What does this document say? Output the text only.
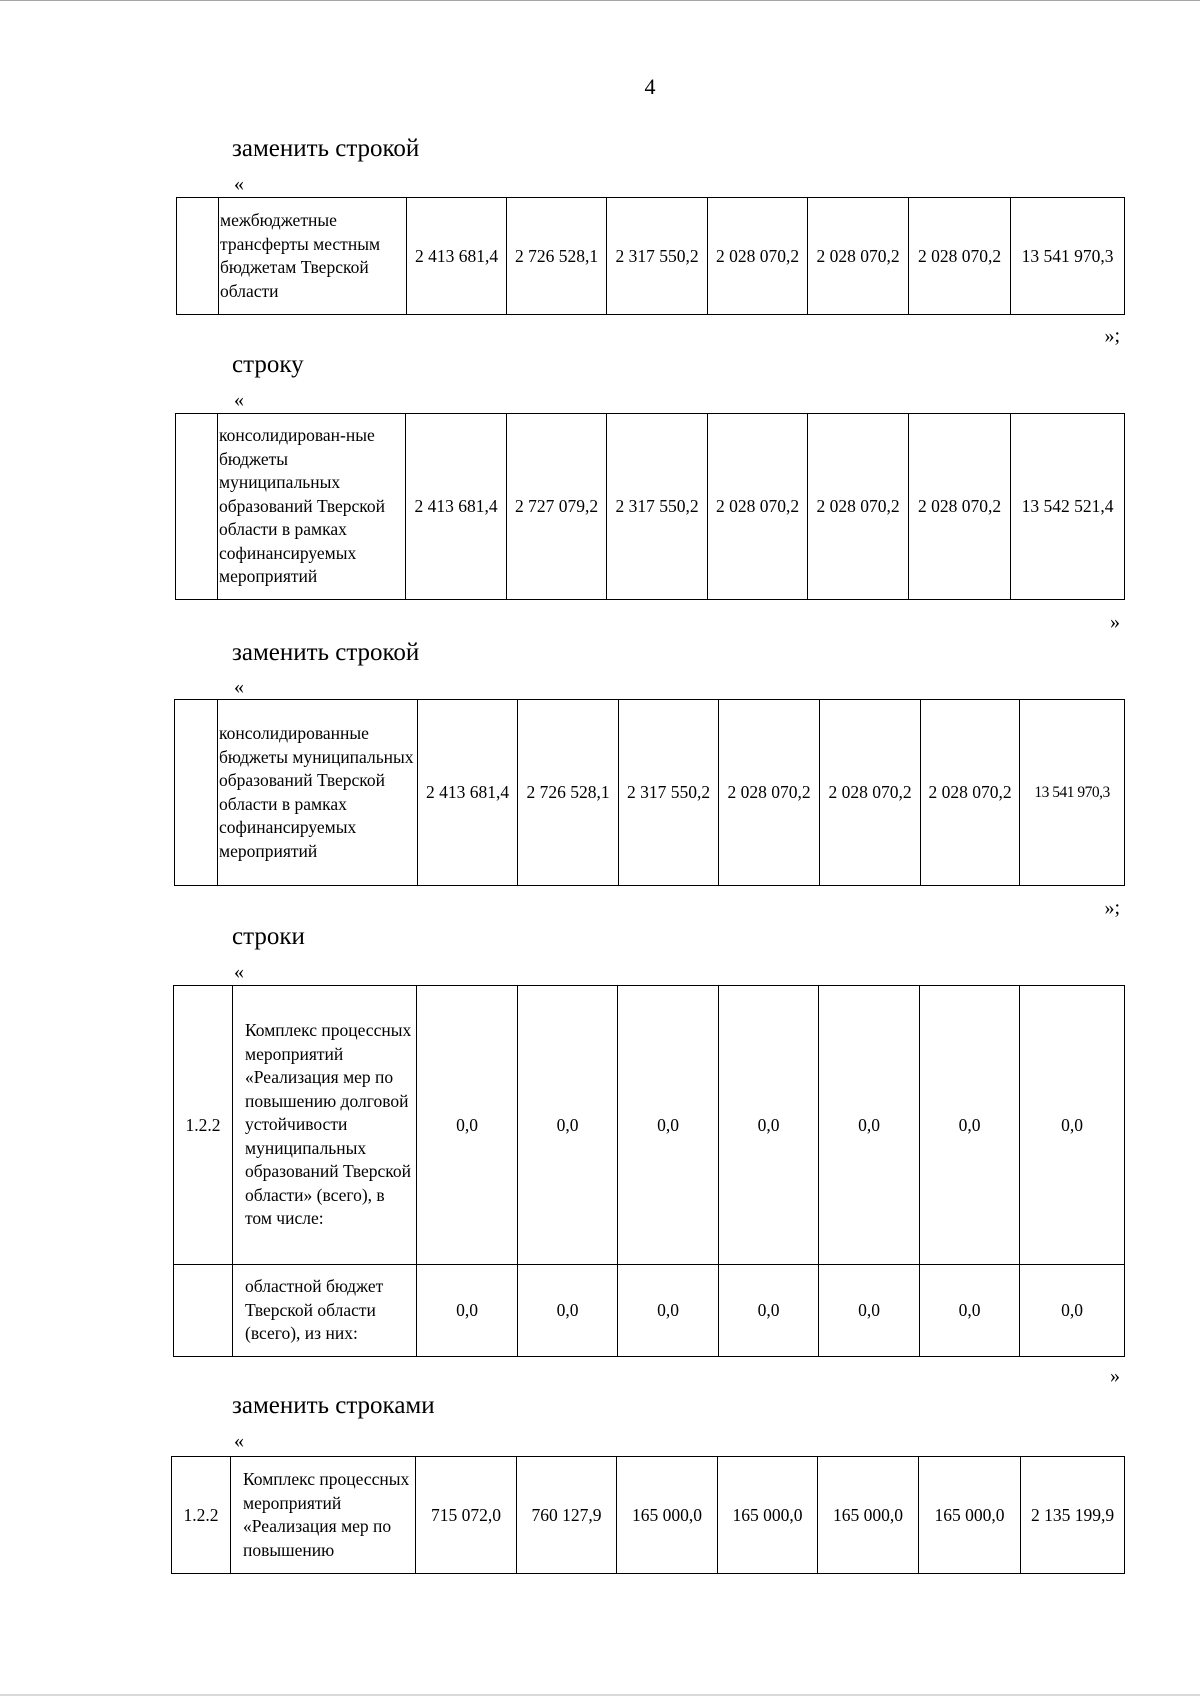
4
заменить строкой
«
	межбюджетные трансферты местным бюджетам Тверской области	2 413 681,4	2 726 528,1	2 317 550,2	2 028 070,2	2 028 070,2	2 028 070,2	13 541 970,3
»;
строку
«
	консолидирован-ные бюджеты муниципальных образований Тверской области в рамках софинансируемых мероприятий	2 413 681,4	2 727 079,2	2 317 550,2	2 028 070,2	2 028 070,2	2 028 070,2	13 542 521,4
»
заменить строкой
«
	консолидированные бюджеты муниципальных образований Тверской области в рамках софинансируемых мероприятий	2 413 681,4	2 726 528,1	2 317 550,2	2 028 070,2	2 028 070,2	2 028 070,2	13 541 970,3
»;
строки
«
1.2.2	Комплекс процессных мероприятий «Реализация мер по повышению долговой устойчивости муниципальных образований Тверской области» (всего), в том числе:	0,0	0,0	0,0	0,0	0,0	0,0	0,0
	областной бюджет Тверской области (всего), из них:	0,0	0,0	0,0	0,0	0,0	0,0	0,0
»
заменить строками
«
1.2.2	Комплекс процессных мероприятий «Реализация мер по повышению	715 072,0	760 127,9	165 000,0	165 000,0	165 000,0	165 000,0	2 135 199,9
